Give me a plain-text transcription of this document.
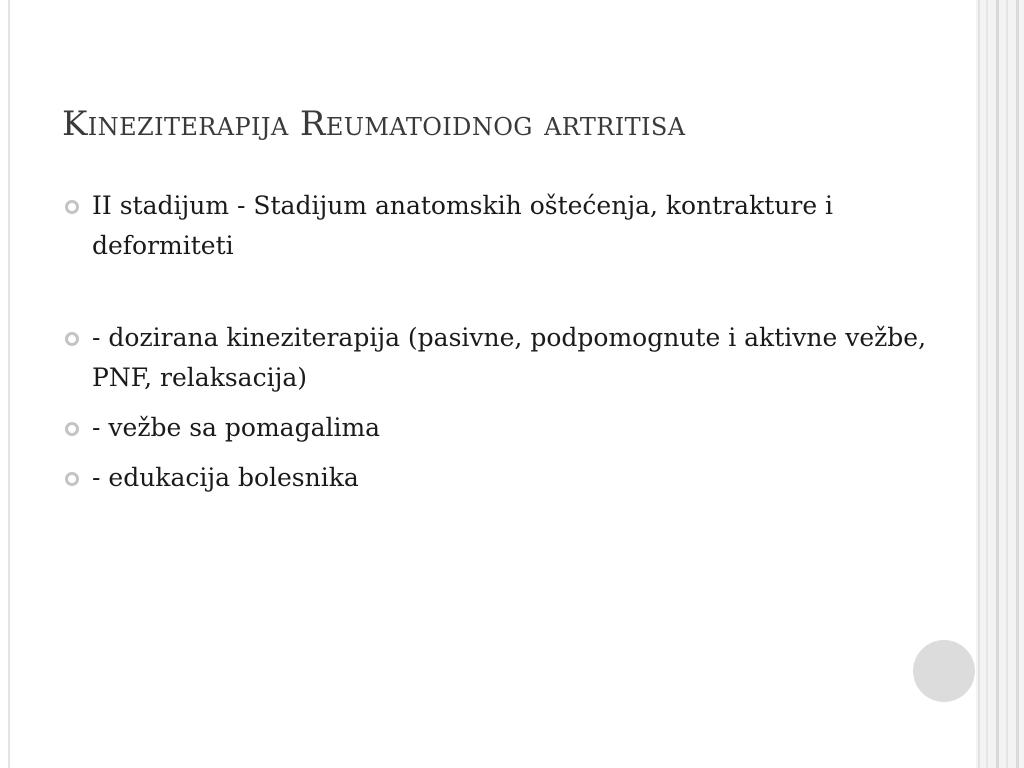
Kineziterapija Reumatoidnog artritisa
II stadijum - Stadijum anatomskih oštećenja, kontrakture i deformiteti
- dozirana kineziterapija (pasivne, podpomognute i aktivne vežbe, PNF, relaksacija)
- vežbe sa pomagalima
- edukacija bolesnika
